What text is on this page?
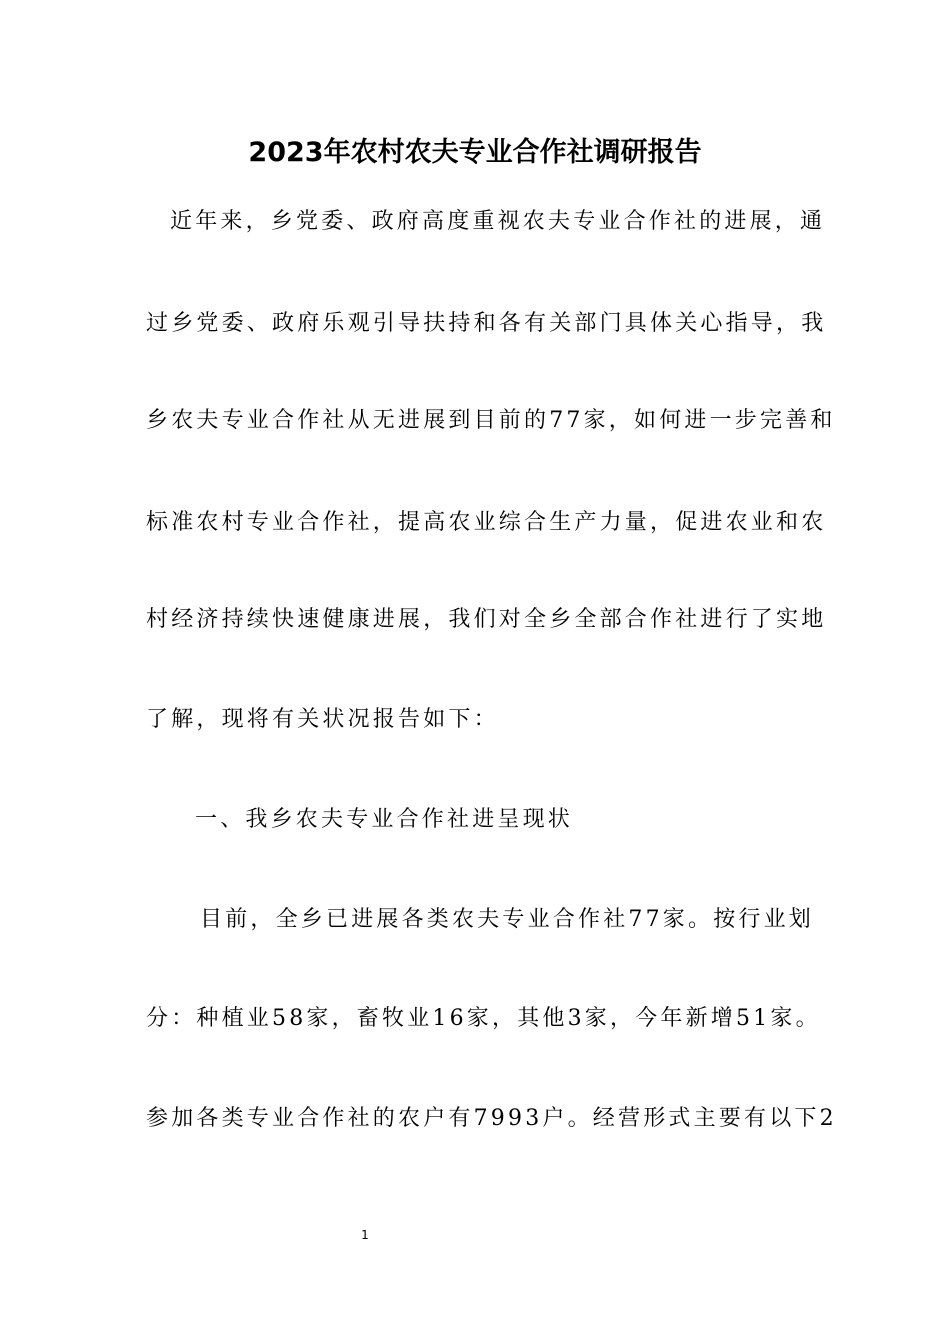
2023年农村农夫专业合作社调研报告
近年来，乡党委、政府高度重视农夫专业合作社的进展，通
过乡党委、政府乐观引导扶持和各有关部门具体关心指导，我
乡农夫专业合作社从无进展到目前的77家，如何进一步完善和
标准农村专业合作社，提高农业综合生产力量，促进农业和农
村经济持续快速健康进展，我们对全乡全部合作社进行了实地
了解，现将有关状况报告如下：
一、我乡农夫专业合作社进呈现状
目前，全乡已进展各类农夫专业合作社77家。按行业划
分：种植业58家，畜牧业16家，其他3家，今年新增51家。
参加各类专业合作社的农户有7993户。经营形式主要有以下2
1
